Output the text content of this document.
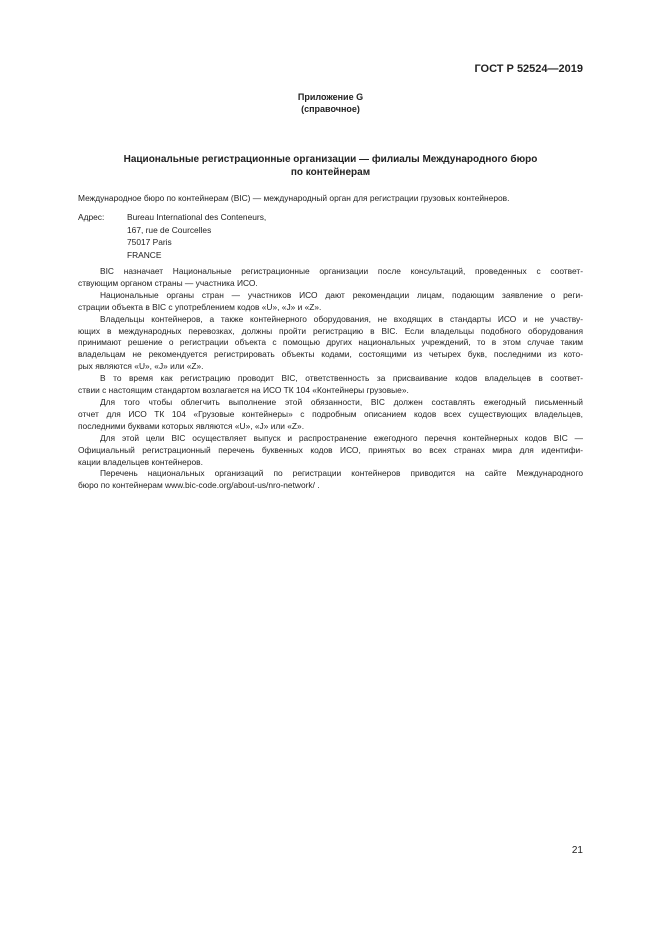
ГОСТ Р 52524—2019
Приложение G
(справочное)
Национальные регистрационные организации — филиалы Международного бюро
по контейнерам
Международное бюро по контейнерам (BIC) — международный орган для регистрации грузовых контейнеров.
Адрес:	Bureau International des Conteneurs,
167, rue de Courcelles
75017 Paris
FRANCE
BIC назначает Национальные регистрационные организации после консультаций, проведенных с соответ-
ствующим органом страны — участника ИСО.
Национальные органы стран — участников ИСО дают рекомендации лицам, подающим заявление о реги-
страции объекта в BIC с употреблением кодов «U», «J» и «Z».
Владельцы контейнеров, а также контейнерного оборудования, не входящих в стандарты ИСО и не участву-
ющих в международных перевозках, должны пройти регистрацию в BIC. Если владельцы подобного оборудования
принимают решение о регистрации объекта с помощью других национальных учреждений, то в этом случае таким
владельцам не рекомендуется регистрировать объекты кодами, состоящими из четырех букв, последними из кото-
рых являются «U», «J» или «Z».
В то время как регистрацию проводит BIC, ответственность за присваивание кодов владельцев в соответ-
ствии с настоящим стандартом возлагается на ИСО ТК 104 «Контейнеры грузовые».
Для того чтобы облегчить выполнение этой обязанности, BIC должен составлять ежегодный письменный
отчет для ИСО ТК 104 «Грузовые контейнеры» с подробным описанием кодов всех существующих владельцев,
последними буквами которых являются «U», «J» или «Z».
Для этой цели BIC осуществляет выпуск и распространение ежегодного перечня контейнерных кодов BIC —
Официальный регистрационный перечень буквенных кодов ИСО, принятых во всех странах мира для идентифи-
кации владельцев контейнеров.
Перечень национальных организаций по регистрации контейнеров приводится на сайте Международного
бюро по контейнерам www.bic-code.org/about-us/nro-network/ .
21
